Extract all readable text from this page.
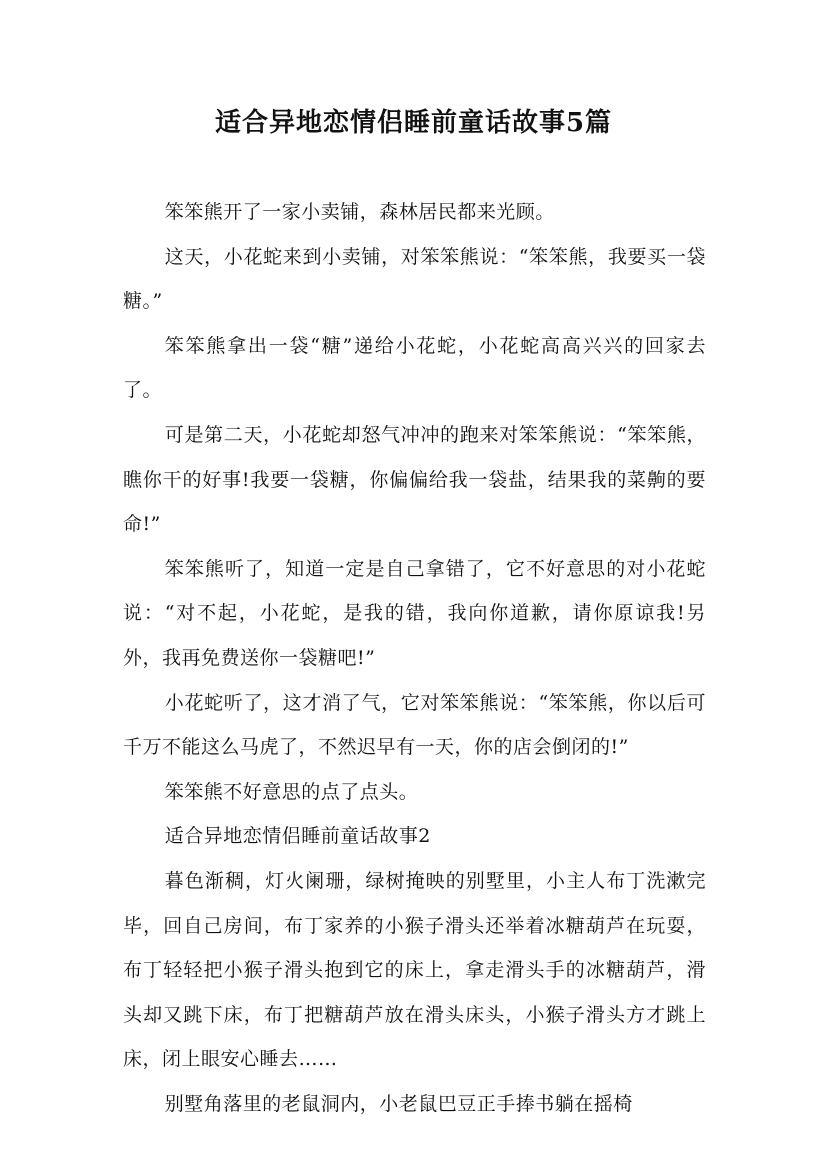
适合异地恋情侣睡前童话故事5篇

笨笨熊开了一家小卖铺，森林居民都来光顾。

这天，小花蛇来到小卖铺，对笨笨熊说：“笨笨熊，我要买一袋糖。”

笨笨熊拿出一袋“糖”递给小花蛇，小花蛇高高兴兴的回家去了。

可是第二天，小花蛇却怒气冲冲的跑来对笨笨熊说：“笨笨熊，瞧你干的好事!我要一袋糖，你偏偏给我一袋盐，结果我的菜齁的要命!”

笨笨熊听了，知道一定是自己拿错了，它不好意思的对小花蛇说：“对不起，小花蛇，是我的错，我向你道歉，请你原谅我!另外，我再免费送你一袋糖吧!”

小花蛇听了，这才消了气，它对笨笨熊说：“笨笨熊，你以后可千万不能这么马虎了，不然迟早有一天，你的店会倒闭的!”

笨笨熊不好意思的点了点头。

适合异地恋情侣睡前童话故事2

暮色渐稠，灯火阑珊，绿树掩映的别墅里，小主人布丁洗漱完毕，回自己房间，布丁家养的小猴子滑头还举着冰糖葫芦在玩耍，布丁轻轻把小猴子滑头抱到它的床上，拿走滑头手的冰糖葫芦，滑头却又跳下床，布丁把糖葫芦放在滑头床头，小猴子滑头方才跳上床，闭上眼安心睡去……

别墅角落里的老鼠洞内，小老鼠巴豆正手捧书躺在摇椅
